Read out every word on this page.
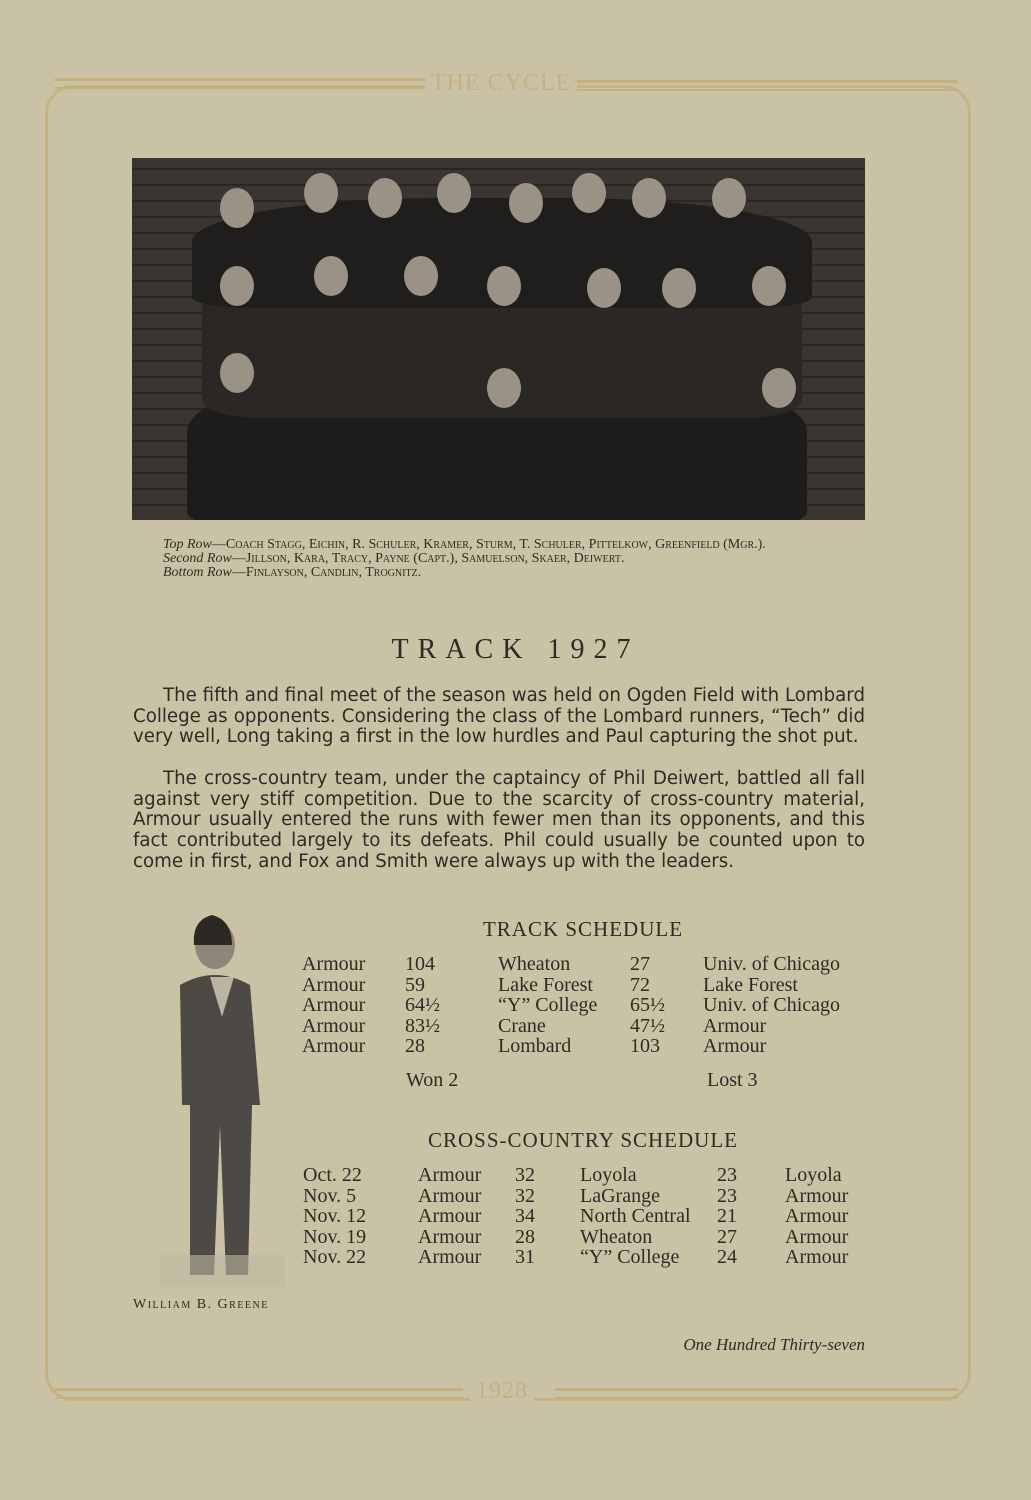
THE CYCLE
1928
Top Row—Coach Stagg, Eichin, R. Schuler, Kramer, Sturm, T. Schuler, Pittelkow, Greenfield (Mgr.).
Second Row—Jillson, Kara, Tracy, Payne (Capt.), Samuelson, Skaer, Deiwert.
Bottom Row—Finlayson, Candlin, Trognitz.
TRACK 1927

The fifth and final meet of the season was held on Ogden Field with Lombard College as opponents. Considering the class of the Lombard runners, “Tech” did very well, Long taking a first in the low hurdles and Paul capturing the shot put.

The cross-country team, under the captaincy of Phil Deiwert, battled all fall against very stiff competition. Due to the scarcity of cross-country material, Armour usually entered the runs with fewer men than its opponents, and this fact contributed largely to its defeats. Phil could usually be counted upon to come in first, and Fox and Smith were always up with the leaders.

William B. Greene
TRACK SCHEDULE
Armour 104	Wheaton	27	Univ. of Chicago
Armour 59	Lake Forest 72	Lake Forest
Armour 64½	“Y” College 65½ Univ. of Chicago
Armour 83½	Crane	47½ Armour
Armour 28	Lombard	103 Armour
Won 2	Lost 3
CROSS-COUNTRY SCHEDULE
Oct. 22	Armour 32 Loyola	23 Loyola
Nov. 5	Armour 32 LaGrange	23 Armour
Nov. 12	Armour 34 North Central 21 Armour
Nov. 19	Armour 28 Wheaton	27 Armour
Nov. 22	Armour 31 “Y” College 24 Armour
One Hundred Thirty-seven
